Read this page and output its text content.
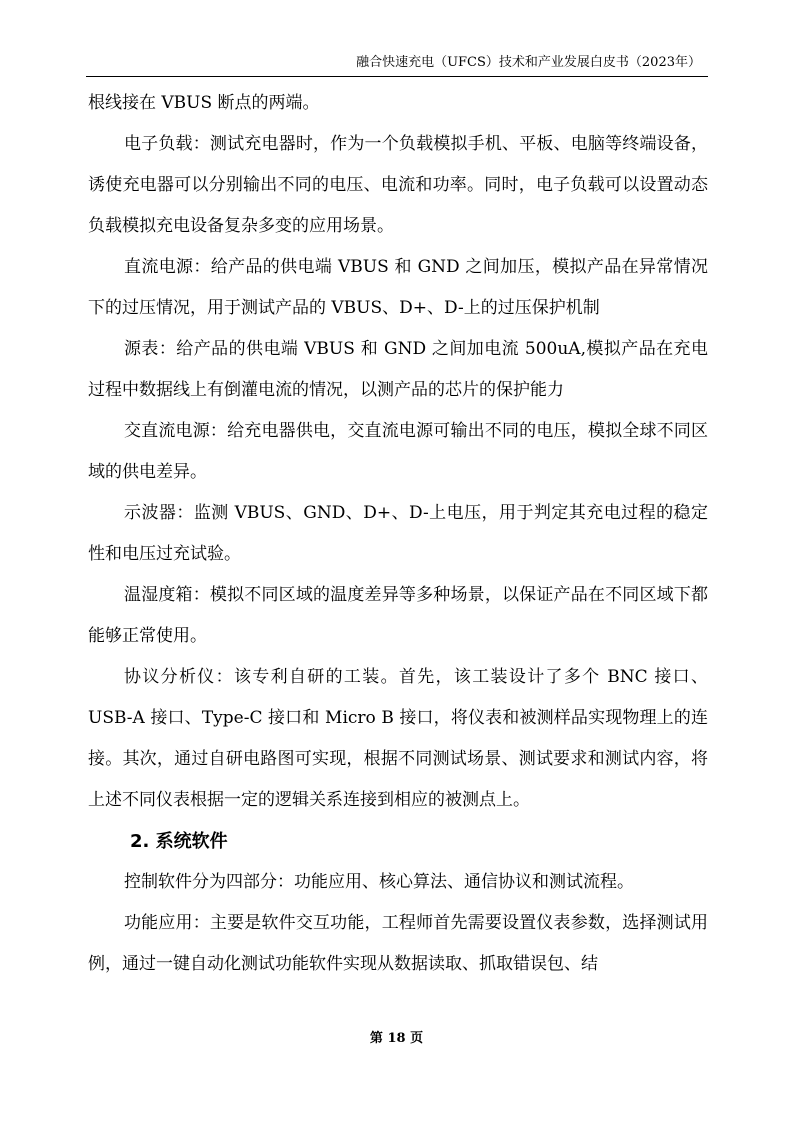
融合快速充电（UFCS）技术和产业发展白皮书（2023年）

根线接在 VBUS 断点的两端。

电子负载：测试充电器时，作为一个负载模拟手机、平板、电脑等终端设备，诱使充电器可以分别输出不同的电压、电流和功率。同时，电子负载可以设置动态负载模拟充电设备复杂多变的应用场景。

直流电源：给产品的供电端 VBUS 和 GND 之间加压，模拟产品在异常情况下的过压情况，用于测试产品的 VBUS、D+、D-上的过压保护机制

源表：给产品的供电端 VBUS 和 GND 之间加电流 500uA,模拟产品在充电过程中数据线上有倒灌电流的情况，以测产品的芯片的保护能力

交直流电源：给充电器供电，交直流电源可输出不同的电压，模拟全球不同区域的供电差异。

示波器：监测 VBUS、GND、D+、D-上电压，用于判定其充电过程的稳定性和电压过充试验。

温湿度箱：模拟不同区域的温度差异等多种场景，以保证产品在不同区域下都能够正常使用。

协议分析仪：该专利自研的工装。首先，该工装设计了多个 BNC 接口、USB-A 接口、Type-C 接口和 Micro B 接口，将仪表和被测样品实现物理上的连接。其次，通过自研电路图可实现，根据不同测试场景、测试要求和测试内容，将上述不同仪表根据一定的逻辑关系连接到相应的被测点上。

2. 系统软件

控制软件分为四部分：功能应用、核心算法、通信协议和测试流程。

功能应用：主要是软件交互功能，工程师首先需要设置仪表参数，选择测试用例，通过一键自动化测试功能软件实现从数据读取、抓取错误包、结

第 18 页
